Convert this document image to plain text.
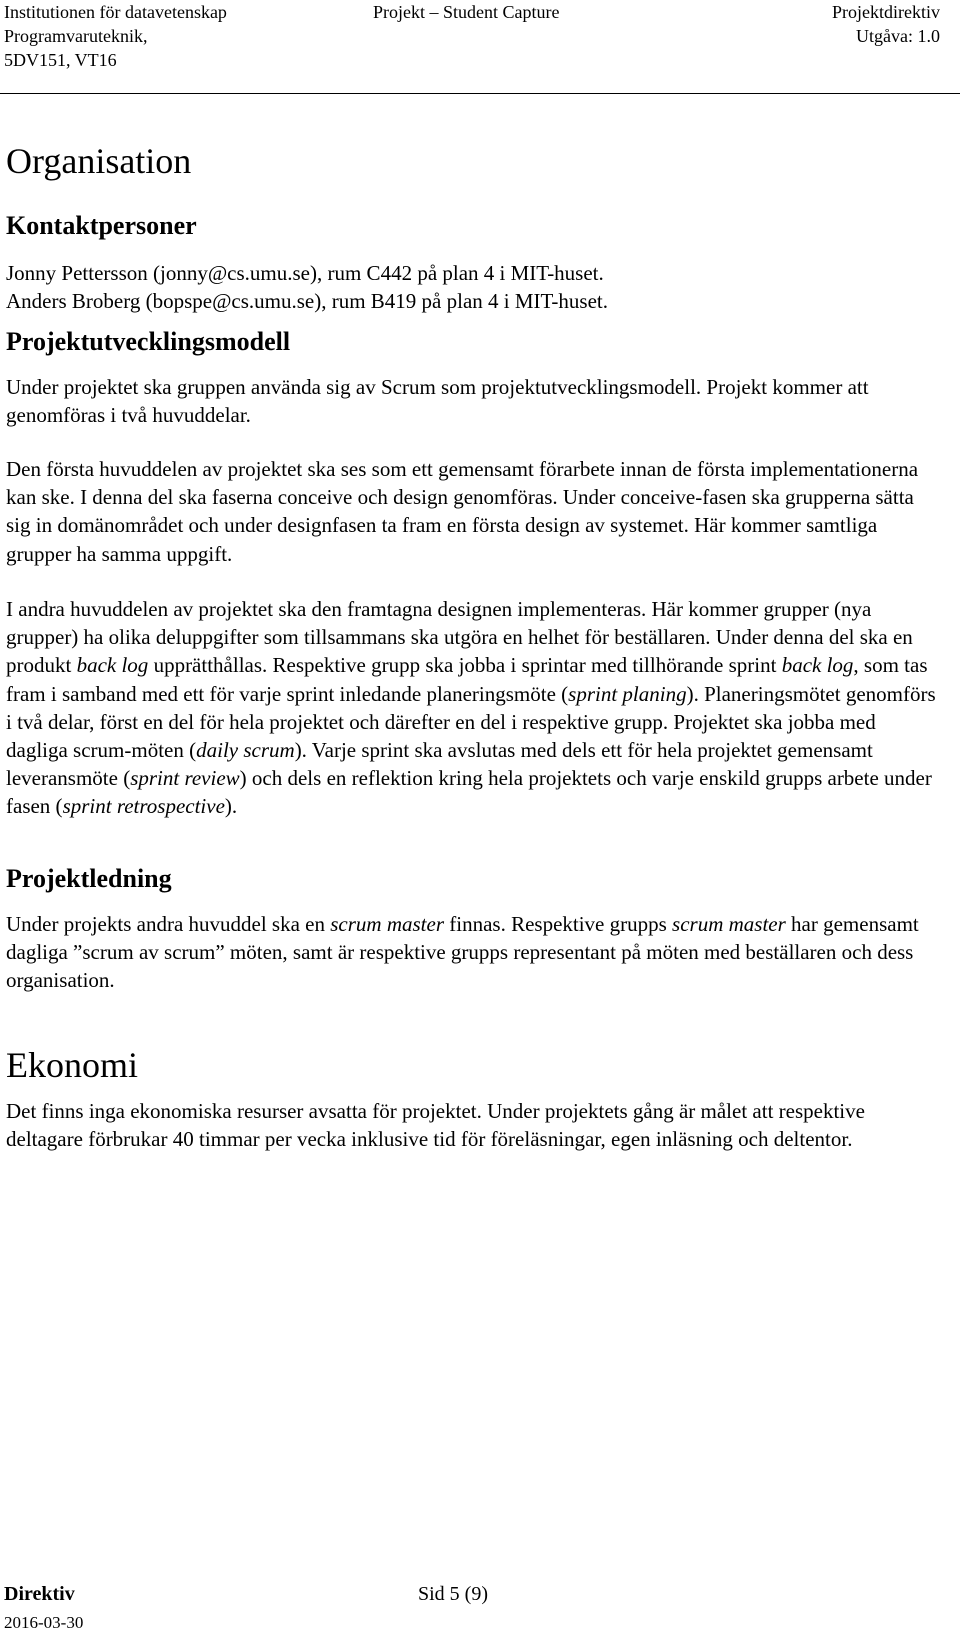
Institutionen för datavetenskap
Programvaruteknik,
5DV151, VT16
Projekt – Student Capture	Projektdirektiv
Utgåva: 1.0
Organisation
Kontaktpersoner

Jonny Pettersson (jonny@cs.umu.se), rum C442 på plan 4 i MIT-huset.

Anders Broberg (bopspe@cs.umu.se), rum B419 på plan 4 i MIT-huset.

Projektutvecklingsmodell

Under projektet ska gruppen använda sig av Scrum som projektutvecklingsmodell. Projekt kommer att genomföras i två huvuddelar.

Den första huvuddelen av projektet ska ses som ett gemensamt förarbete innan de första implementationerna kan ske. I denna del ska faserna conceive och design genomföras. Under conceive-fasen ska grupperna sätta sig in domänområdet och under designfasen ta fram en första design av systemet. Här kommer samtliga grupper ha samma uppgift.

I andra huvuddelen av projektet ska den framtagna designen implementeras. Här kommer grupper (nya grupper) ha olika deluppgifter som tillsammans ska utgöra en helhet för beställaren. Under denna del ska en produkt back log upprätthållas. Respektive grupp ska jobba i sprintar med tillhörande sprint back log, som tas fram i samband med ett för varje sprint inledande planeringsmöte (sprint planing). Planeringsmötet genomförs i två delar, först en del för hela projektet och därefter en del i respektive grupp. Projektet ska jobba med dagliga scrum-möten (daily scrum). Varje sprint ska avslutas med dels ett för hela projektet gemensamt leveransmöte (sprint review) och dels en reflektion kring hela projektets och varje enskild grupps arbete under fasen (sprint retrospective).

Projektledning

Under projekts andra huvuddel ska en scrum master finnas. Respektive grupps scrum master har gemensamt dagliga ”scrum av scrum” möten, samt är respektive grupps representant på möten med beställaren och dess organisation.

Ekonomi

Det finns inga ekonomiska resurser avsatta för projektet. Under projektets gång är målet att respektive deltagare förbrukar 40 timmar per vecka inklusive tid för föreläsningar, egen inläsning och deltentor.

Direktiv
2016-03-30
Sid 5 (9)
